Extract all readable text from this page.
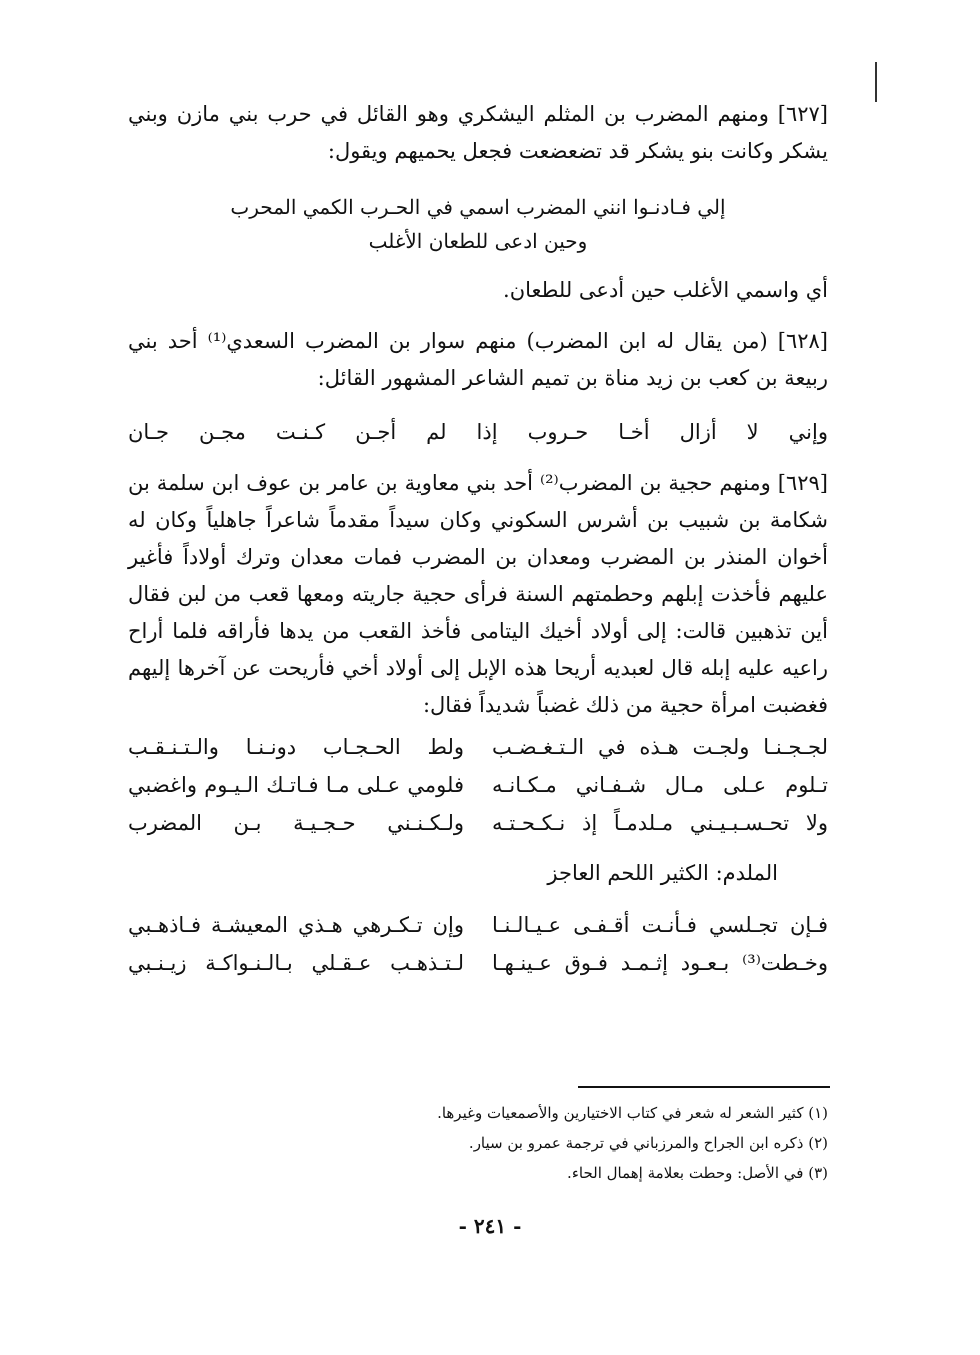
[٦٢٧] ومنهم المضرب بن المثلم اليشكري وهو القائل في حرب بني مازن وبني يشكر وكانت بنو يشكر قد تضعضعت فجعل يحميهم ويقول:

إلي فـادنـوا انني المضرب اسمي في الحـرب الكمي المحرب

وحين ادعى للطعان الأغلب

أي واسمي الأغلب حين أدعى للطعان.

[٦٢٨] (من يقال له ابن المضرب) منهم سوار بن المضرب السعدي⁽¹⁾ أحد بني ربيعة بن كعب بن زيد مناة بن تميم الشاعر المشهور القائل:

وإني لا أزال أخـا حـروب إذا لم أجـن كـنـت مجـن جـان

[٦٢٩] ومنهم حجية بن المضرب⁽²⁾ أحد بني معاوية بن عامر بن عوف ابن سلمة بن شكامة بن شبيب بن أشرس السكوني وكان سيداً مقدماً شاعراً جاهلياً وكان له أخوان المنذر بن المضرب ومعدان بن المضرب فمات معدان وترك أولاداً فأغير عليهم فأخذت إبلهم وحطمتهم السنة فرأى حجية جاريته ومعها قعب من لبن فقال أين تذهبين قالت: إلى أولاد أخيك اليتامى فأخذ القعب من يدها فأراقه فلما أراح راعيه عليه إبله قال لعبديه أريحا هذه الإبل إلى أولاد أخي فأريحت عن آخرها إليهم فغضبت امرأة حجية من ذلك غضباً شديداً فقال:

لجـجـنـا ولجـت هـذه في الـتـغـضـب
ولط الحـجـاب دونـنـا والـتـنـقـب
تـلوم عـلى مـال شـفـاني مـكـانـه
فلومي عـلى مـا فـاتـك الـيـوم واغضبي
ولا تحـسـبـيـني مـلدمـاً إذ نـكـحـتـه
ولـكـنـني حـجـيـة بـن المضرب
الملدم: الكثير اللحم العاجز
فـإن تجـلسي فـأنـت أقـفـى عـيـالـنـا
وإن تـكـرهي هـذي المعيشـة فـاذهـبي
وخـطت⁽³⁾ بـعـود إثـمـد فـوق عـينـهـا
لـتـذهـب عـقـلي بـالـنـواكـة زيـنـبي
(١) كثير الشعر له شعر في كتاب الاختيارين والأصمعيات وغيرها.
(٢) ذكره ابن الجراح والمرزباني في ترجمة عمرو بن سيار.
(٣) في الأصل: وحطت بعلامة إهمال الحاء.
- ٢٤١ -
